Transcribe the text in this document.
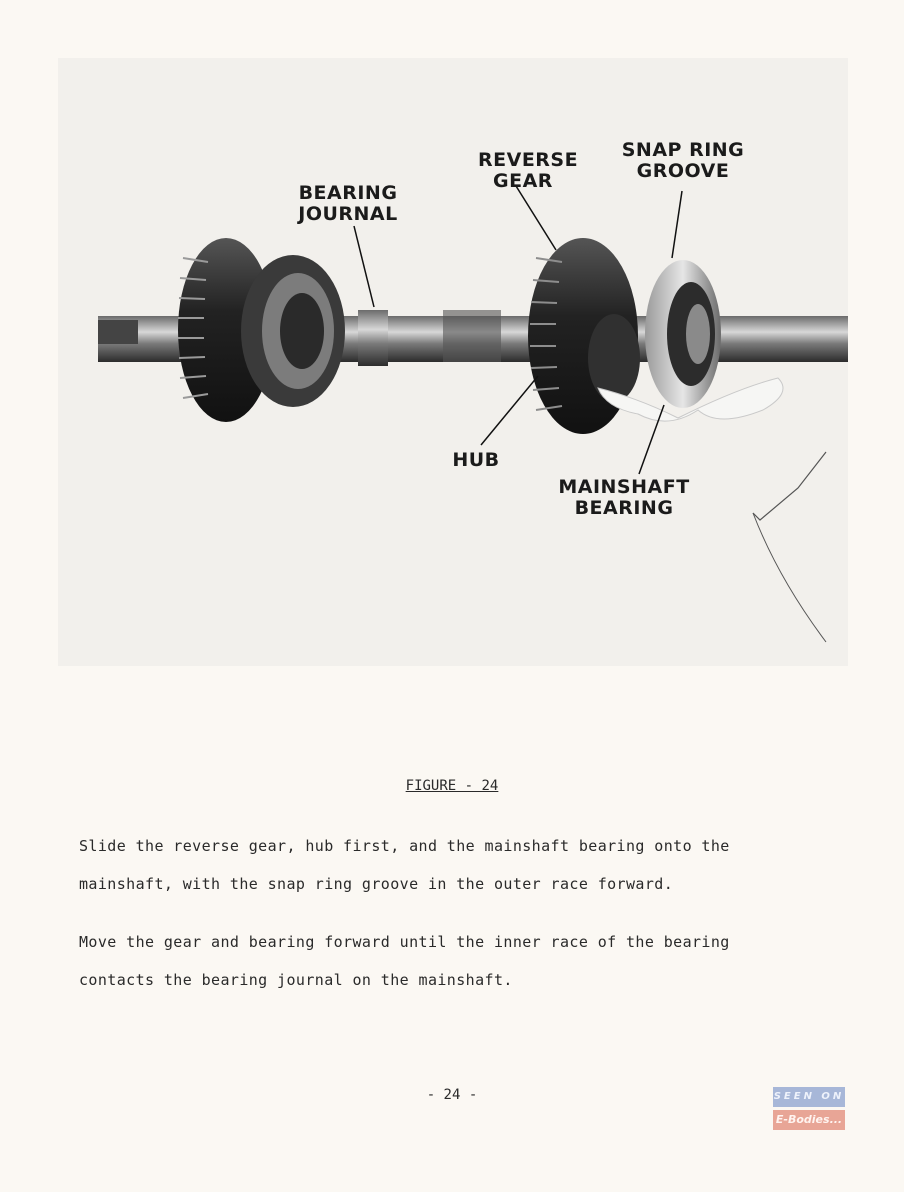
REVERSE
GEAR
SNAP RING
GROOVE
BEARING
JOURNAL
HUB
MAINSHAFT
BEARING
FIGURE - 24
Slide the reverse gear, hub first, and the mainshaft bearing onto the
mainshaft, with the snap ring groove in the outer race forward.
Move the gear and bearing forward until the inner race of the bearing
contacts the bearing journal on the mainshaft.
- 24 -	SEEN ON
E-Bodies...
